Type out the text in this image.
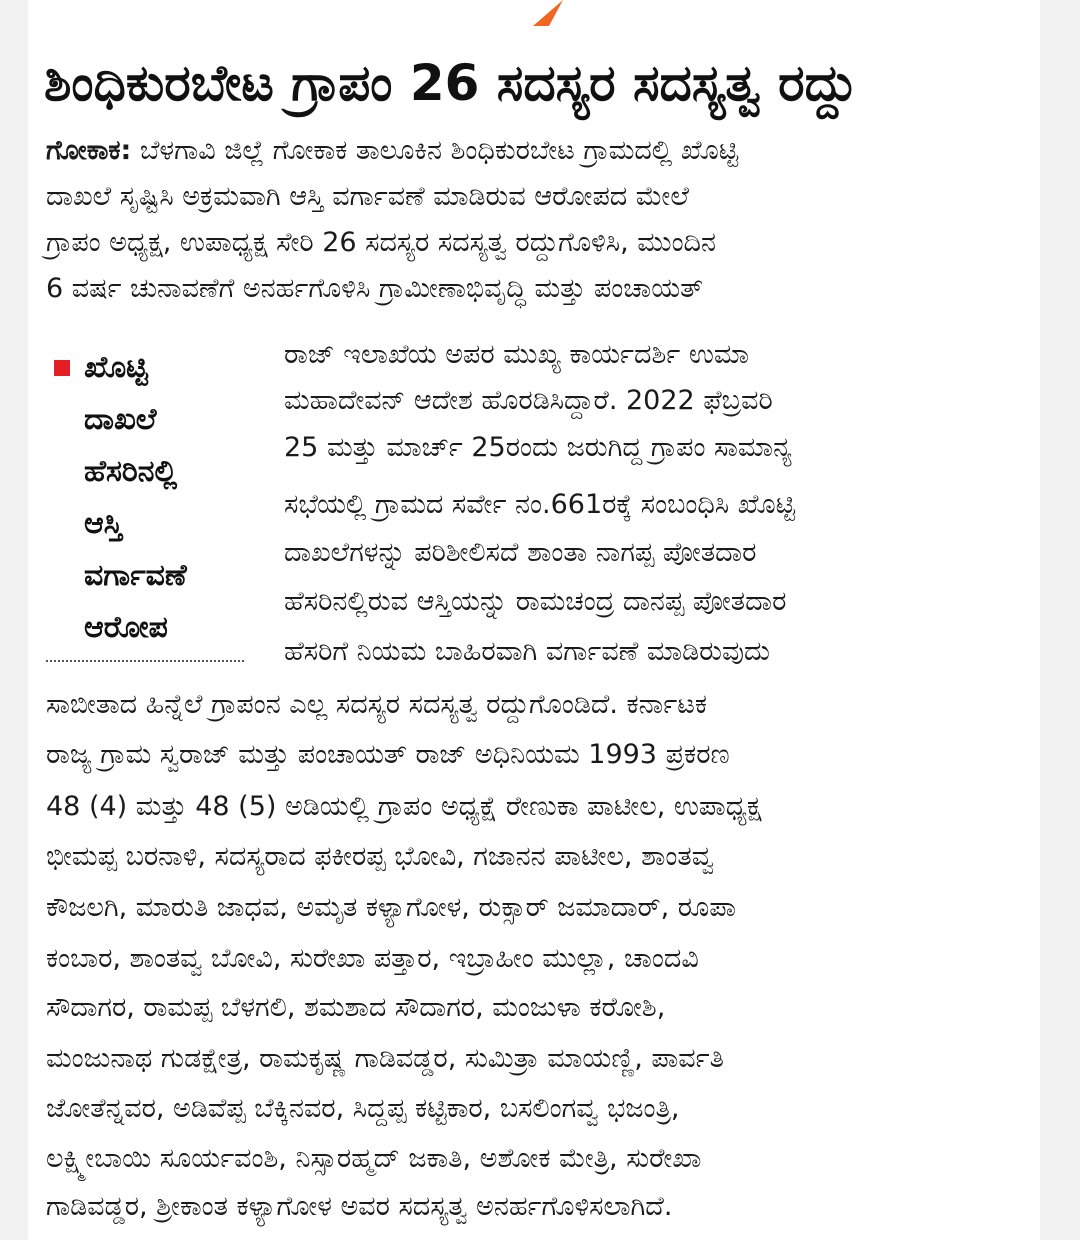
ಶಿಂಧಿಕುರಬೇಟ ಗ್ರಾಪಂ 26 ಸದಸ್ಯರ ಸದಸ್ಯತ್ವ ರದ್ದು
ಗೋಕಾಕ: ಬೆಳಗಾವಿ ಜಿಲ್ಲೆ ಗೋಕಾಕ ತಾಲೂಕಿನ ಶಿಂಧಿಕುರಬೇಟ ಗ್ರಾಮದಲ್ಲಿ ಖೊಟ್ಟಿ
ದಾಖಲೆ ಸೃಷ್ಟಿಸಿ ಅಕ್ರಮವಾಗಿ ಆಸ್ತಿ ವರ್ಗಾವಣೆ ಮಾಡಿರುವ ಆರೋಪದ ಮೇಲೆ
ಗ್ರಾಪಂ ಅಧ್ಯಕ್ಷ, ಉಪಾಧ್ಯಕ್ಷ ಸೇರಿ 26 ಸದಸ್ಯರ ಸದಸ್ಯತ್ವ ರದ್ದುಗೊಳಿಸಿ, ಮುಂದಿನ
6 ವರ್ಷ ಚುನಾವಣೆಗೆ ಅನರ್ಹಗೊಳಿಸಿ ಗ್ರಾಮೀಣಾಭಿವೃದ್ಧಿ ಮತ್ತು ಪಂಚಾಯತ್
ಖೊಟ್ಟಿ
ದಾಖಲೆ
ಹೆಸರಿನಲ್ಲಿ
ಆಸ್ತಿ
ವರ್ಗಾವಣೆ
ಆರೋಪ
ರಾಜ್ ಇಲಾಖೆಯ ಅಪರ ಮುಖ್ಯ ಕಾರ್ಯದರ್ಶಿ ಉಮಾ
ಮಹಾದೇವನ್ ಆದೇಶ ಹೊರಡಿಸಿದ್ದಾರೆ. 2022 ಫೆಬ್ರವರಿ
25 ಮತ್ತು ಮಾರ್ಚ್ 25ರಂದು ಜರುಗಿದ್ದ ಗ್ರಾಪಂ ಸಾಮಾನ್ಯ
ಸಭೆಯಲ್ಲಿ ಗ್ರಾಮದ ಸರ್ವೇ ನಂ.661ರಕ್ಕೆ ಸಂಬಂಧಿಸಿ ಖೊಟ್ಟಿ
ದಾಖಲೆಗಳನ್ನು ಪರಿಶೀಲಿಸದೆ ಶಾಂತಾ ನಾಗಪ್ಪ ಪೋತದಾರ
ಹೆಸರಿನಲ್ಲಿರುವ ಆಸ್ತಿಯನ್ನು ರಾಮಚಂದ್ರ ದಾನಪ್ಪ ಪೋತದಾರ
ಹೆಸರಿಗೆ ನಿಯಮ ಬಾಹಿರವಾಗಿ ವರ್ಗಾವಣೆ ಮಾಡಿರುವುದು
ಸಾಬೀತಾದ ಹಿನ್ನೆಲೆ ಗ್ರಾಪಂನ ಎಲ್ಲ ಸದಸ್ಯರ ಸದಸ್ಯತ್ವ ರದ್ದುಗೊಂಡಿದೆ. ಕರ್ನಾಟಕ
ರಾಜ್ಯ ಗ್ರಾಮ ಸ್ವರಾಜ್ ಮತ್ತು ಪಂಚಾಯತ್ ರಾಜ್ ಅಧಿನಿಯಮ 1993 ಪ್ರಕರಣ
48 (4) ಮತ್ತು 48 (5) ಅಡಿಯಲ್ಲಿ ಗ್ರಾಪಂ ಅಧ್ಯಕ್ಷೆ ರೇಣುಕಾ ಪಾಟೀಲ, ಉಪಾಧ್ಯಕ್ಷ
ಭೀಮಪ್ಪ ಬರನಾಳಿ, ಸದಸ್ಯರಾದ ಫಕೀರಪ್ಪ ಭೋವಿ, ಗಜಾನನ ಪಾಟೀಲ, ಶಾಂತವ್ವ
ಕೌಜಲಗಿ, ಮಾರುತಿ ಜಾಧವ, ಅಮೃತ ಕಳ್ಯಾಗೋಳ, ರುಕ್ಸಾರ್ ಜಮಾದಾರ್, ರೂಪಾ
ಕಂಬಾರ, ಶಾಂತವ್ವ ಬೋವಿ, ಸುರೇಖಾ ಪತ್ತಾರ, ಇಬ್ರಾಹೀಂ ಮುಲ್ಲಾ, ಚಾಂದವಿ
ಸೌದಾಗರ, ರಾಮಪ್ಪ ಬೆಳಗಲಿ, ಶಮಶಾದ ಸೌದಾಗರ, ಮಂಜುಳಾ ಕರೋಶಿ,
ಮಂಜುನಾಥ ಗುಡಕ್ಷೇತ್ರ, ರಾಮಕೃಷ್ಣ ಗಾಡಿವಡ್ಡರ, ಸುಮಿತ್ರಾ ಮಾಯಣ್ಣಿ, ಪಾರ್ವತಿ
ಜೋತೆನ್ನವರ, ಅಡಿವೆಪ್ಪ ಬೆಕ್ಕಿನವರ, ಸಿದ್ದಪ್ಪ ಕಟ್ಟಿಕಾರ, ಬಸಲಿಂಗವ್ವ ಭಜಂತ್ರಿ,
ಲಕ್ಷ್ಮೀಬಾಯಿ ಸೂರ್ಯವಂಶಿ, ನಿಸ್ಸಾರಹ್ಮದ್ ಜಕಾತಿ, ಅಶೋಕ ಮೇತ್ರಿ, ಸುರೇಖಾ
ಗಾಡಿವಡ್ಡರ, ಶ್ರೀಕಾಂತ ಕಳ್ಯಾಗೋಳ ಅವರ ಸದಸ್ಯತ್ವ ಅನರ್ಹಗೊಳಿಸಲಾಗಿದೆ.
